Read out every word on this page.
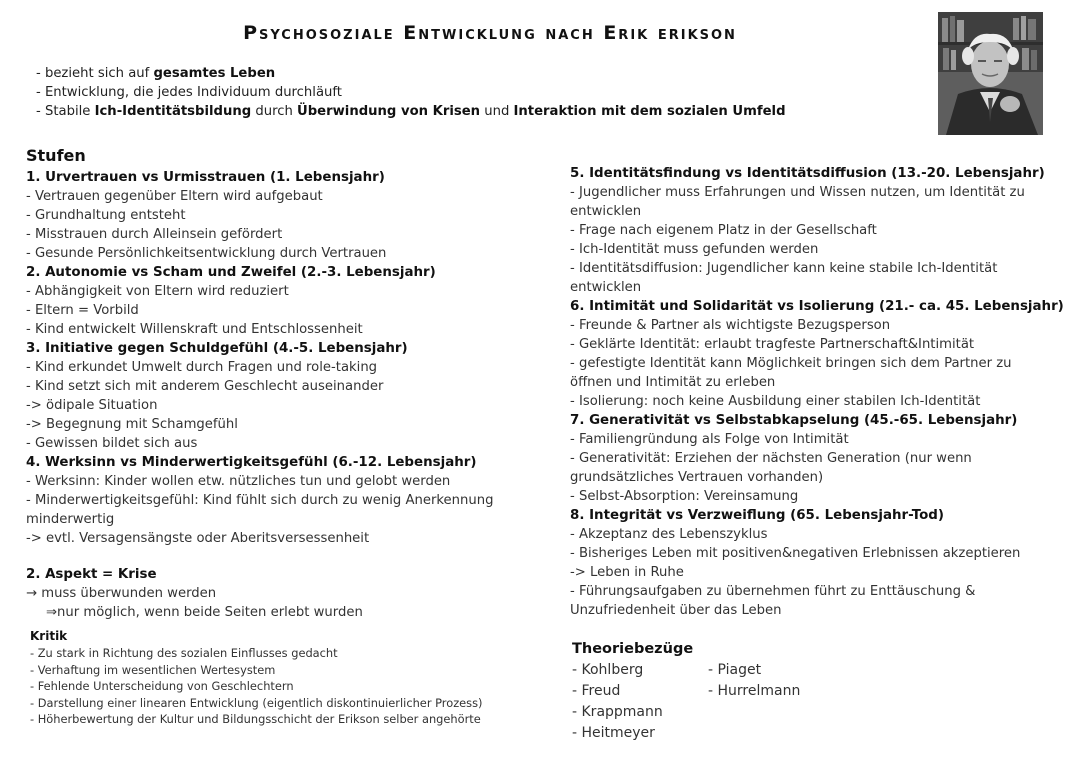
Psychosoziale Entwicklung nach Erik erikson
- bezieht sich auf gesamtes Leben
- Entwicklung, die jedes Individuum durchläuft
- Stabile Ich-Identitätsbildung durch Überwindung von Krisen und Interaktion mit dem sozialen Umfeld
Stufen
1. Urvertrauen vs Urmisstrauen (1. Lebensjahr)
- Vertrauen gegenüber Eltern wird aufgebaut
- Grundhaltung entsteht
- Misstrauen durch Alleinsein gefördert
- Gesunde Persönlichkeitsentwicklung durch Vertrauen
2. Autonomie vs Scham und Zweifel (2.-3. Lebensjahr)
- Abhängigkeit von Eltern wird reduziert
- Eltern = Vorbild
- Kind entwickelt Willenskraft und Entschlossenheit
3. Initiative gegen Schuldgefühl (4.-5. Lebensjahr)
- Kind erkundet Umwelt durch Fragen und role-taking
- Kind setzt sich mit anderem Geschlecht auseinander
-> ödipale Situation
-> Begegnung mit Schamgefühl
- Gewissen bildet sich aus
4. Werksinn vs Minderwertigkeitsgefühl (6.-12. Lebensjahr)
- Werksinn: Kinder wollen etw. nützliches tun und gelobt werden
- Minderwertigkeitsgefühl: Kind fühlt sich durch zu wenig Anerkennung
minderwertig
-> evtl. Versagensängste oder Aberitsversessenheit
5. Identitätsfindung vs Identitätsdiffusion (13.-20. Lebensjahr)
- Jugendlicher muss Erfahrungen und Wissen nutzen, um Identität zu
entwicklen
- Frage nach eigenem Platz in der Gesellschaft
- Ich-Identität muss gefunden werden
- Identitätsdiffusion: Jugendlicher kann keine stabile Ich-Identität
entwicklen
6. Intimität und Solidarität vs Isolierung (21.- ca. 45. Lebensjahr)
- Freunde & Partner als wichtigste Bezugsperson
- Geklärte Identität: erlaubt tragfeste Partnerschaft&Intimität
- gefestigte Identität kann Möglichkeit bringen sich dem Partner zu
öffnen und Intimität zu erleben
- Isolierung: noch keine Ausbildung einer stabilen Ich-Identität
7. Generativität vs Selbstabkapselung (45.-65. Lebensjahr)
- Familiengründung als Folge von Intimität
- Generativität: Erziehen der nächsten Generation (nur wenn
grundsätzliches Vertrauen vorhanden)
- Selbst-Absorption: Vereinsamung
8. Integrität vs Verzweiflung (65. Lebensjahr-Tod)
- Akzeptanz des Lebenszyklus
- Bisheriges Leben mit positiven&negativen Erlebnissen akzeptieren
-> Leben in Ruhe
- Führungsaufgaben zu übernehmen führt zu Enttäuschung &
Unzufriedenheit über das Leben
2. Aspekt = Krise
→ muss überwunden werden
⇒nur möglich, wenn beide Seiten erlebt wurden
Kritik
- Zu stark in Richtung des sozialen Einflusses gedacht
- Verhaftung im wesentlichen Wertesystem
- Fehlende Unterscheidung von Geschlechtern
- Darstellung einer linearen Entwicklung (eigentlich diskontinuierlicher Prozess)
- Höherbewertung der Kultur und Bildungsschicht der Erikson selber angehörte
Theoriebezüge
- Kohlberg	- Piaget
- Freud	- Hurrelmann
- Krappmann
- Heitmeyer
